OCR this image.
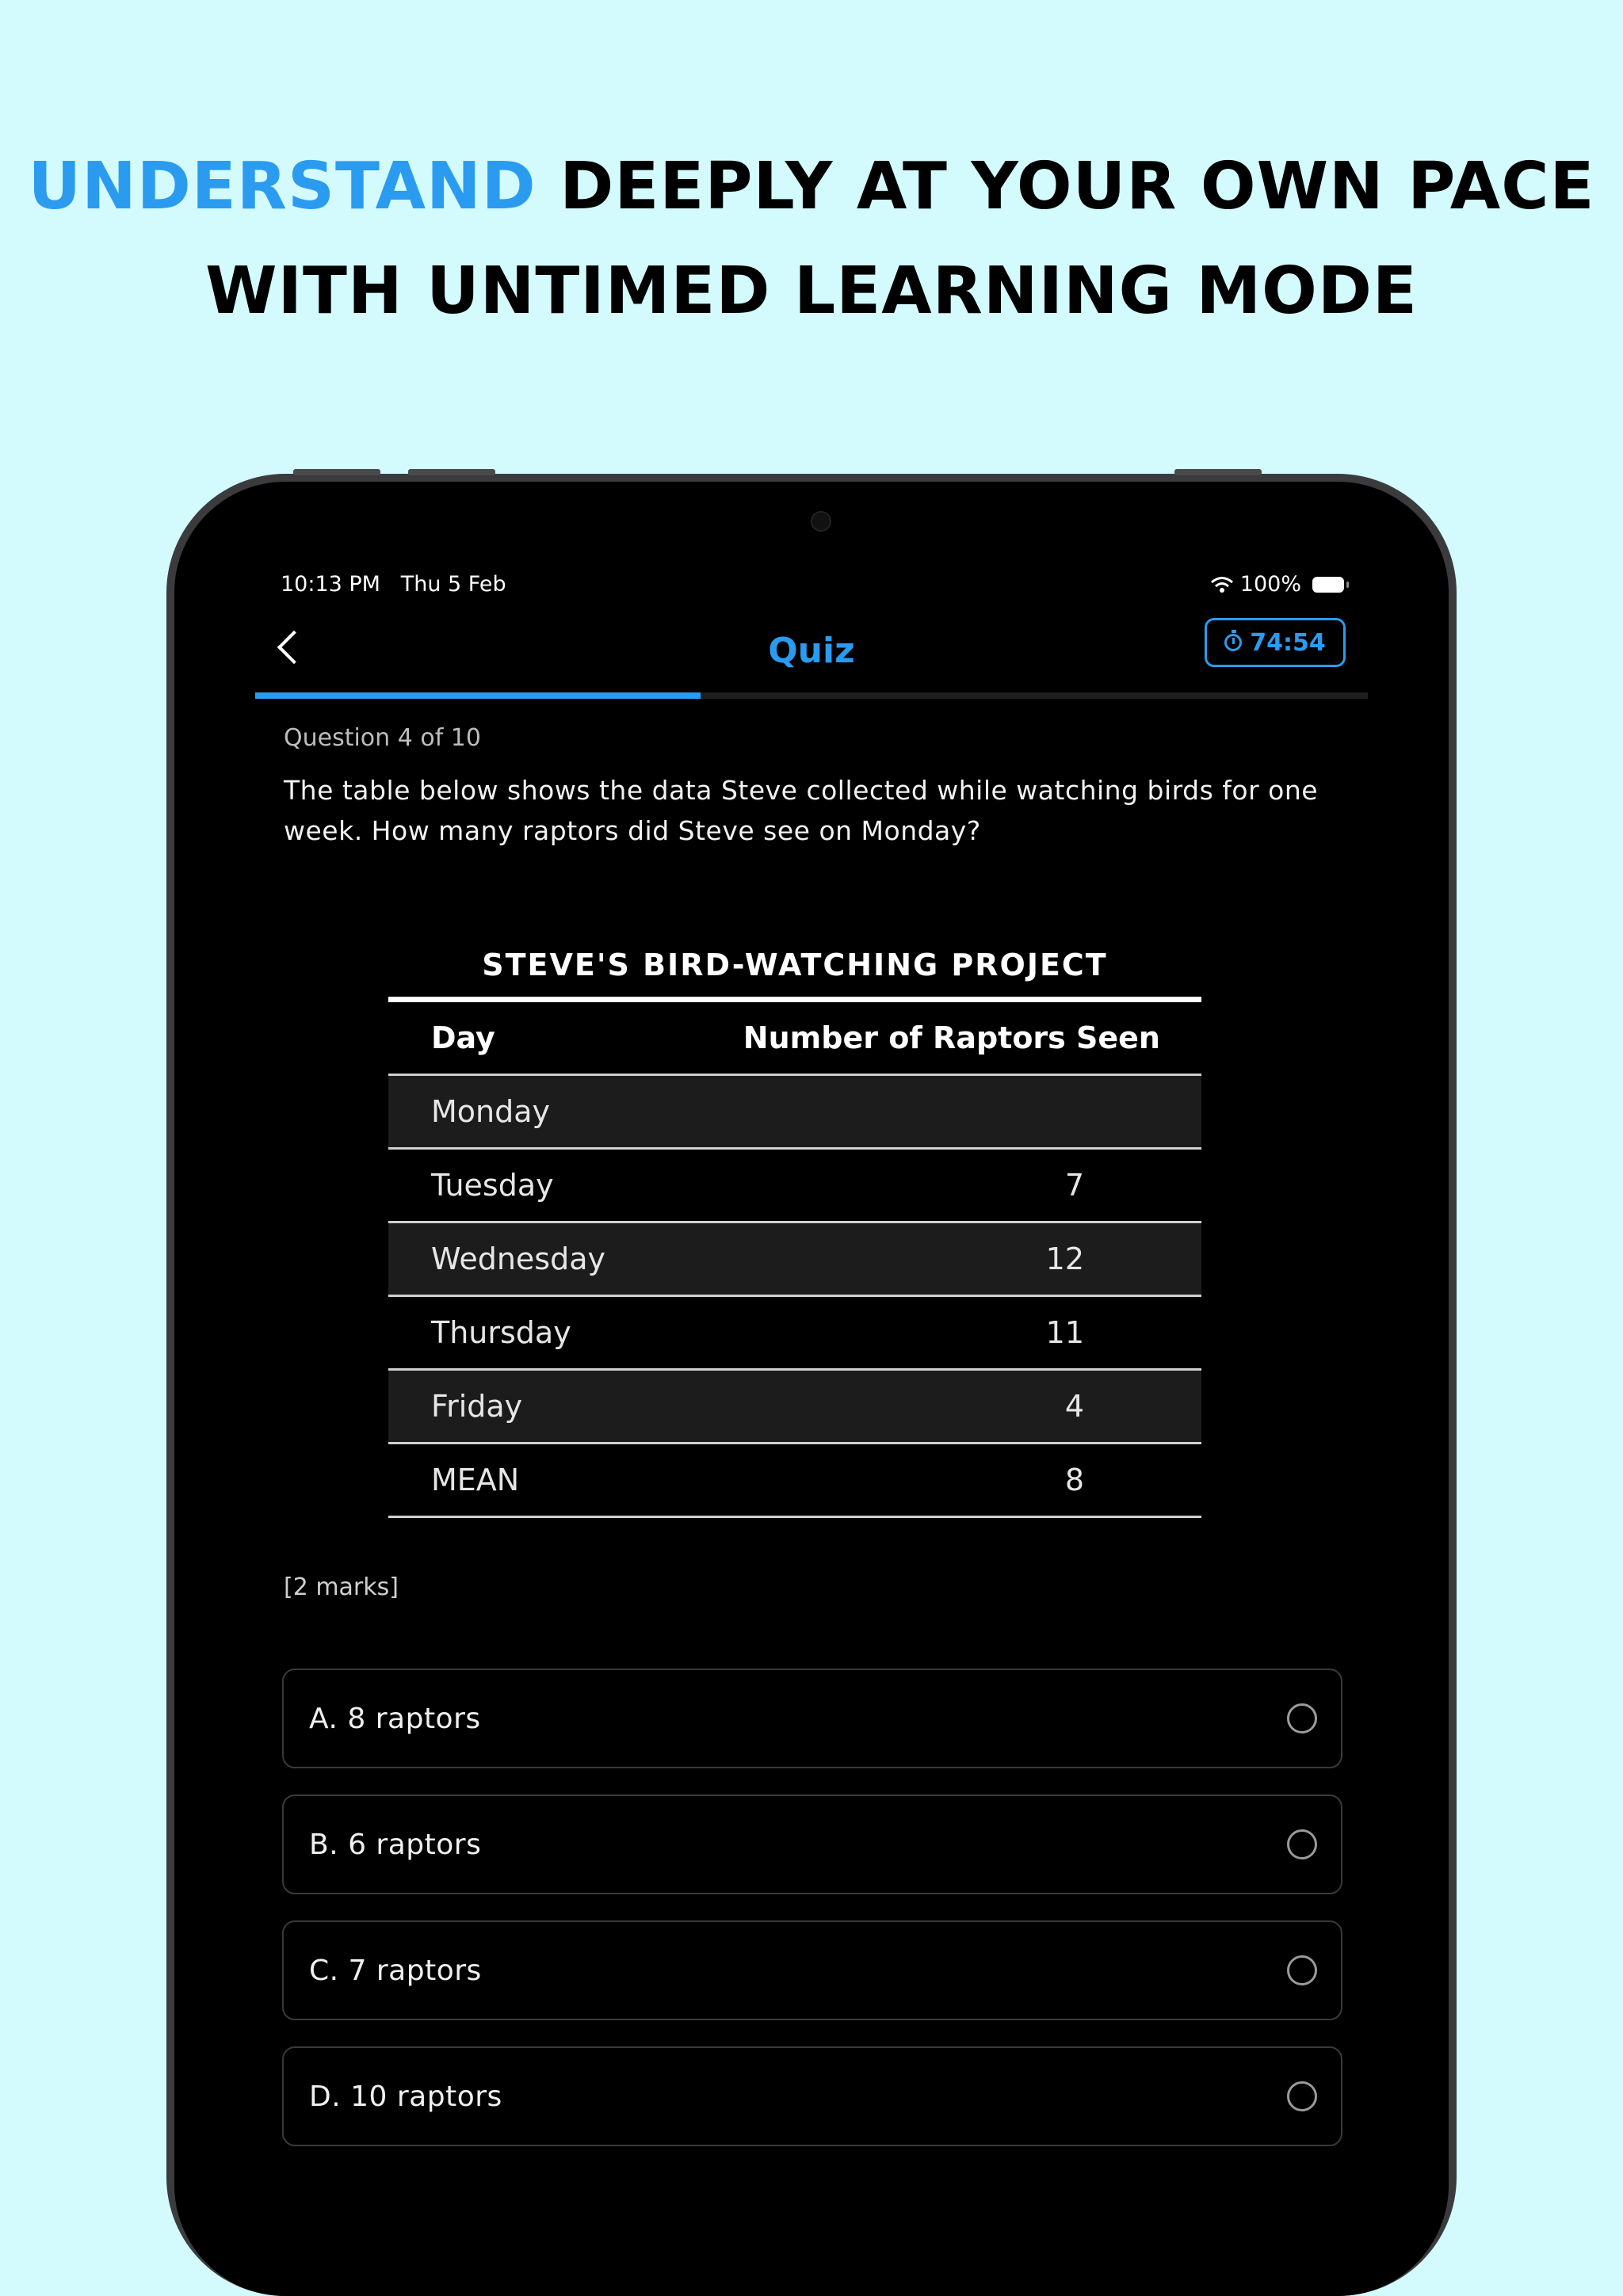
UNDERSTAND DEEPLY AT YOUR OWN PACE
WITH UNTIMED LEARNING MODE
10:13 PM Thu 5 Feb	100%
Quiz	74:54
Question 4 of 10
The table below shows the data Steve collected while watching birds for one week. How many raptors did Steve see on Monday?
STEVE'S BIRD-WATCHING PROJECT
Day	Number of Raptors Seen
Monday	
Tuesday	7
Wednesday	12
Thursday	11
Friday	4
MEAN	8
[2 marks]
A. 8 raptors
B. 6 raptors
C. 7 raptors
D. 10 raptors
